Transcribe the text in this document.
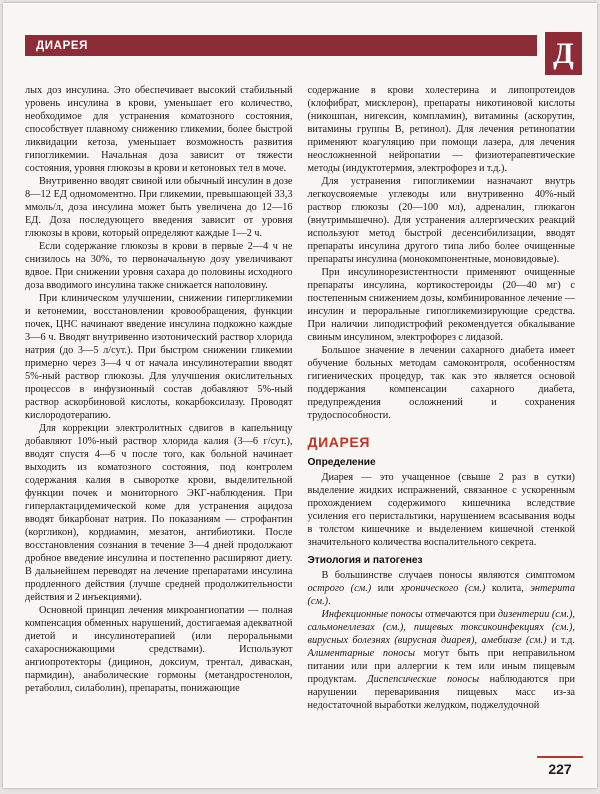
ДИАРЕЯ	Д

лых доз инсулина. Это обеспечивает высокий стабильный уровень инсулина в крови, уменьшает его количество, необходимое для устранения коматозного состояния, способствует плавному снижению гликемии, более быстрой ликвидации кетоза, уменьшает возможность развития гипогликемии. Начальная доза зависит от тяжести состояния, уровня глюкозы в крови и кетоновых тел в моче.

Внутривенно вводят свиной или обычный инсулин в дозе 8—12 ЕД одномоментно. При гликемии, превышающей 33,3 ммоль/л, доза инсулина может быть увеличена до 12—16 ЕД. Доза последующего введения зависит от уровня глюкозы в крови, который определяют каждые 1—2 ч.

Если содержание глюкозы в крови в первые 2—4 ч не снизилось на 30%, то первоначальную дозу увеличивают вдвое. При снижении уровня сахара до половины исходного доза вводимого инсулина также снижается наполовину.

При клиническом улучшении, снижении гипергликемии и кетонемии, восстановлении кровообращения, функции почек, ЦНС начинают введение инсулина подкожно каждые 3—6 ч. Вводят внутривенно изотонический раствор хлорида натрия (до 3—5 л/сут.). При быстром снижении гликемии примерно через 3—4 ч от начала инсулинотерапии вводят 5%-ный раствор глюкозы. Для улучшения окислительных процессов в инфузионный состав добавляют 5%-ный раствор аскорбиновой кислоты, кокарбоксилазу. Проводят кислородотерапию.

Для коррекции электролитных сдвигов в капельницу добавляют 10%-ный раствор хлорида калия (3—6 г/сут.), вводят спустя 4—6 ч после того, как больной начинает выходить из коматозного состояния, под контролем содержания калия в сыворотке крови, выделительной функции почек и мониторного ЭКГ-наблюдения. При гиперлактацидемической коме для устранения ацидоза вводят бикарбонат натрия. По показаниям — строфантин (коргликон), кордиамин, мезатон, антибиотики. После восстановления сознания в течение 3—4 дней продолжают дробное введение инсулина и постепенно расширяют диету. В дальнейшем переводят на лечение препаратами инсулина продленного действия (лучше средней продолжительности действия и 2 инъекциями).

Основной принцип лечения микроангиопатии — полная компенсация обменных нарушений, достигаемая адекватной диетой и инсулинотерапией (или пероральными сахароснижающими средствами). Используют ангиопротекторы (дицинон, доксиум, трентал, диваскан, пармидин), анаболические гормоны (метандростенолон, ретаболил, силаболин), препараты, понижающие

содержание в крови холестерина и липопротеидов (клофибрат, мисклерон), препараты никотиновой кислоты (никошпан, нигексин, компламин), витамины (аскорутин, витамины группы В, ретинол). Для лечения ретинопатии применяют коагуляцию при помощи лазера, для лечения неосложненной нейропатии — физиотерапевтические методы (индуктотермия, электрофорез и т.д.).

Для устранения гипогликемии назначают внутрь легкоусвояемые углеводы или внутривенно 40%-ный раствор глюкозы (20—100 мл), адреналин, глюкагон (внутримышечно). Для устранения аллергических реакций используют метод быстрой десенсибилизации, вводят препараты инсулина другого типа либо более очищенные препараты инсулина (монокомпонентные, моновидовые).

При инсулинорезистентности применяют очищенные препараты инсулина, кортикостероиды (20—40 мг) с постепенным снижением дозы, комбинированное лечение — инсулин и пероральные гипогликемизирующие средства. При наличии липодистрофий рекомендуется обкалывание свиным инсулином, электрофорез с лидазой.

Большое значение в лечении сахарного диабета имеет обучение больных методам самоконтроля, особенностям гигиенических процедур, так как это является основой поддержания компенсации сахарного диабета, предупреждения осложнений и сохранения трудоспособности.

ДИАРЕЯ
Определение

Диарея — это учащенное (свыше 2 раз в сутки) выделение жидких испражнений, связанное с ускоренным прохождением содержимого кишечника вследствие усиления его перистальтики, нарушением всасывания воды в толстом кишечнике и выделением кишечной стенкой значительного количества воспалительного секрета.

Этиология и патогенез

В большинстве случаев поносы являются симптомом острого (см.) или хронического (см.) колита, энтерита (см.).

Инфекционные поносы отмечаются при дизентерии (см.), сальмонеллезах (см.), пищевых токсикоинфекциях (см.), вирусных болезнях (вирусная диарея), амебиазе (см.) и т.д. Алиментарные поносы могут быть при неправильном питании или при аллергии к тем или иным пищевым продуктам. Диспепсические поносы наблюдаются при нарушении переваривания пищевых масс из-за недостаточной выработки желудком, поджелудочной

227
